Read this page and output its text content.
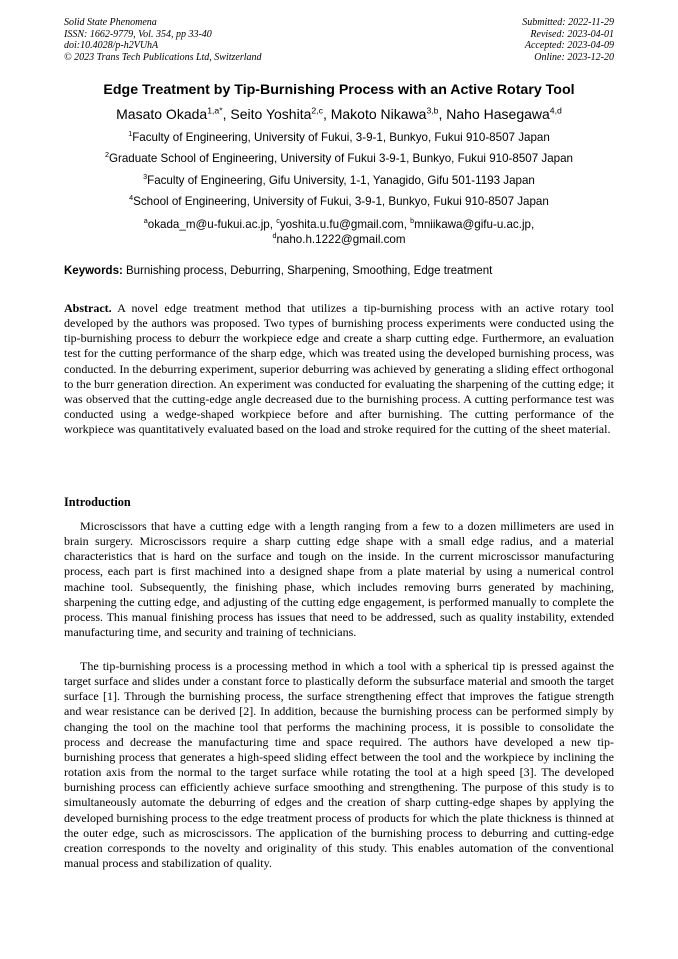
Solid State Phenomena
ISSN: 1662-9779, Vol. 354, pp 33-40
doi:10.4028/p-h2VUhA
© 2023 Trans Tech Publications Ltd, Switzerland
Submitted: 2022-11-29
Revised: 2023-04-01
Accepted: 2023-04-09
Online: 2023-12-20
Edge Treatment by Tip-Burnishing Process with an Active Rotary Tool
Masato Okada$^{1,a*}$, Seito Yoshita$^{2,c}$, Makoto Nikawa$^{3,b}$, Naho Hasegawa$^{4,d}$
$^1$Faculty of Engineering, University of Fukui, 3-9-1, Bunkyo, Fukui 910-8507 Japan
$^2$Graduate School of Engineering, University of Fukui 3-9-1, Bunkyo, Fukui 910-8507 Japan
$^3$Faculty of Engineering, Gifu University, 1-1, Yanagido, Gifu 501-1193 Japan
$^4$School of Engineering, University of Fukui, 3-9-1, Bunkyo, Fukui 910-8507 Japan
$^a$okada_m@u-fukui.ac.jp, $^c$yoshita.u.fu@gmail.com, $^b$mniikawa@gifu-u.ac.jp,
$^d$naho.h.1222@gmail.com
Keywords: Burnishing process, Deburring, Sharpening, Smoothing, Edge treatment
Abstract. A novel edge treatment method that utilizes a tip-burnishing process with an active rotary tool developed by the authors was proposed. Two types of burnishing process experiments were conducted using the tip-burnishing process to deburr the workpiece edge and create a sharp cutting edge. Furthermore, an evaluation test for the cutting performance of the sharp edge, which was treated using the developed burnishing process, was conducted. In the deburring experiment, superior deburring was achieved by generating a sliding effect orthogonal to the burr generation direction. An experiment was conducted for evaluating the sharpening of the cutting edge; it was observed that the cutting-edge angle decreased due to the burnishing process. A cutting performance test was conducted using a wedge-shaped workpiece before and after burnishing. The cutting performance of the workpiece was quantitatively evaluated based on the load and stroke required for the cutting of the sheet material.
Introduction
Microscissors that have a cutting edge with a length ranging from a few to a dozen millimeters are used in brain surgery. Microscissors require a sharp cutting edge shape with a small edge radius, and a material characteristics that is hard on the surface and tough on the inside. In the current microscissor manufacturing process, each part is first machined into a designed shape from a plate material by using a numerical control machine tool. Subsequently, the finishing phase, which includes removing burrs generated by machining, sharpening the cutting edge, and adjusting of the cutting edge engagement, is performed manually to complete the process. This manual finishing process has issues that need to be addressed, such as quality instability, extended manufacturing time, and security and training of technicians.
The tip-burnishing process is a processing method in which a tool with a spherical tip is pressed against the target surface and slides under a constant force to plastically deform the subsurface material and smooth the target surface [1]. Through the burnishing process, the surface strengthening effect that improves the fatigue strength and wear resistance can be derived [2]. In addition, because the burnishing process can be performed simply by changing the tool on the machine tool that performs the machining process, it is possible to consolidate the process and decrease the manufacturing time and space required. The authors have developed a new tip-burnishing process that generates a high-speed sliding effect between the tool and the workpiece by inclining the rotation axis from the normal to the target surface while rotating the tool at a high speed [3]. The developed burnishing process can efficiently achieve surface smoothing and strengthening. The purpose of this study is to simultaneously automate the deburring of edges and the creation of sharp cutting-edge shapes by applying the developed burnishing process to the edge treatment process of products for which the plate thickness is thinned at the outer edge, such as microscissors. The application of the burnishing process to deburring and cutting-edge creation corresponds to the novelty and originality of this study. This enables automation of the conventional manual process and stabilization of quality.
